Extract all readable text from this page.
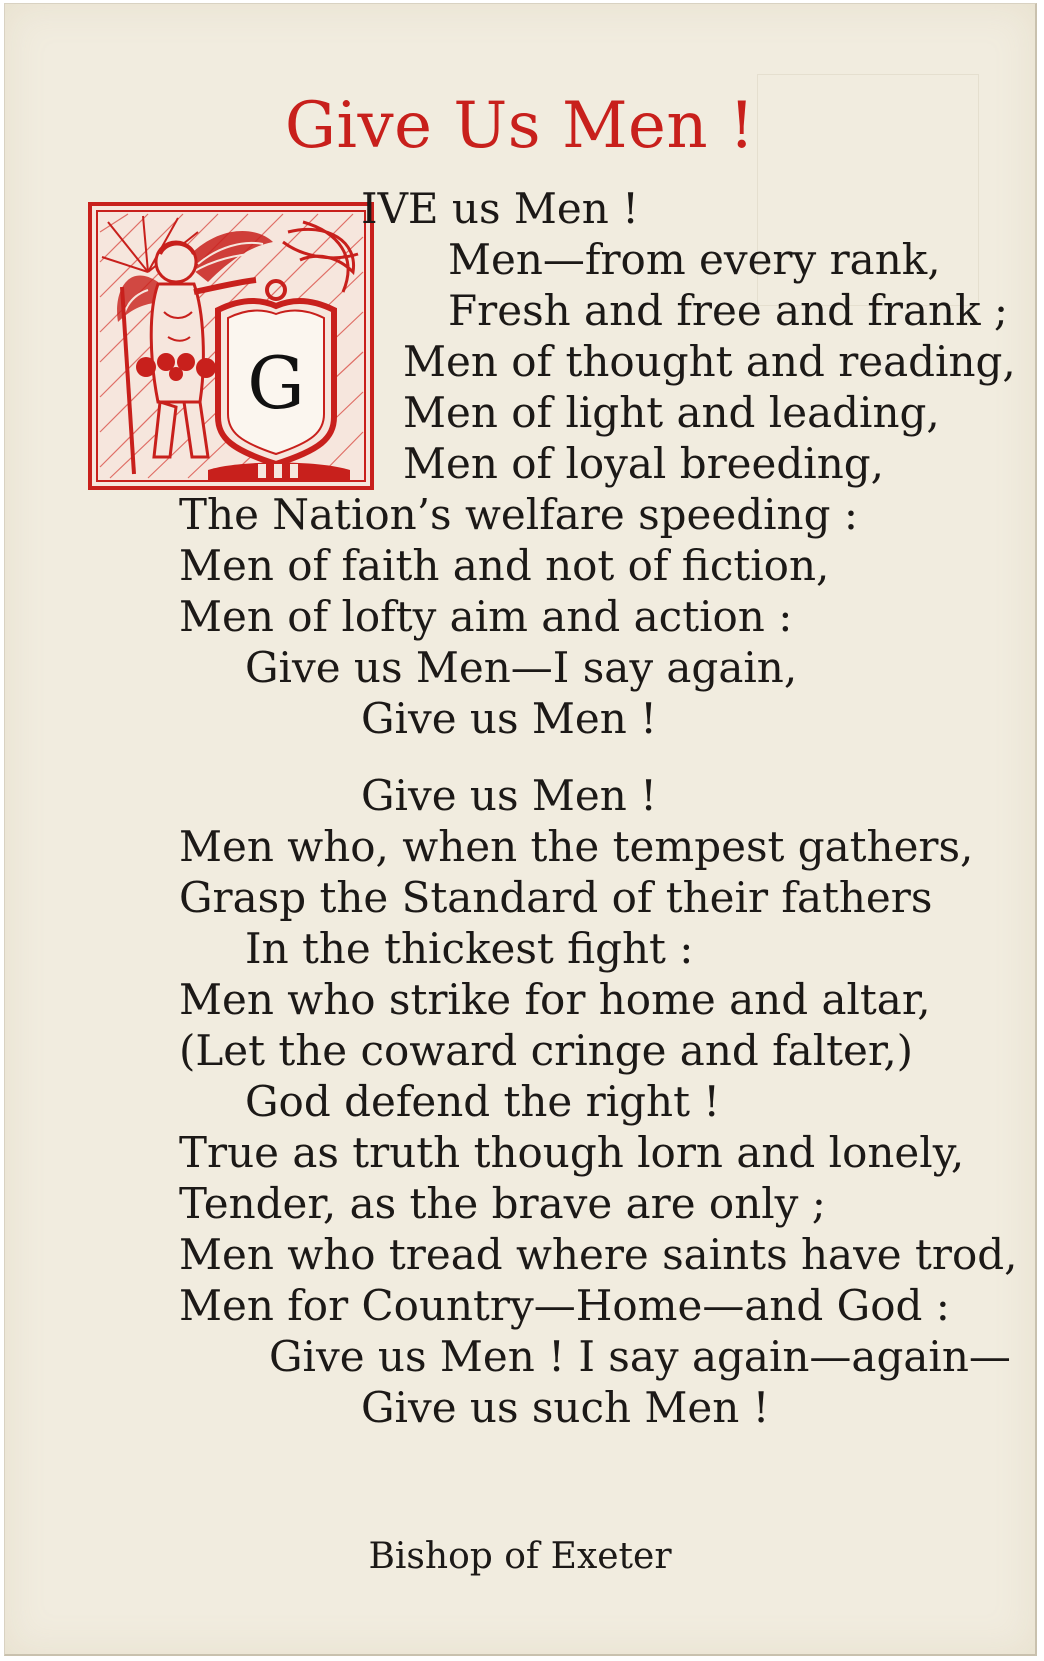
Give Us Men !
G
IVE us Men !
Men—from every rank,
Fresh and free and frank ;
Men of thought and reading,
Men of light and leading,
Men of loyal breeding,
The Nation’s welfare speeding :
Men of faith and not of fiction,
Men of lofty aim and action :
Give us Men—I say again,
Give us Men !
Give us Men !
Men who, when the tempest gathers,
Grasp the Standard of their fathers
In the thickest fight :
Men who strike for home and altar,
(Let the coward cringe and falter,)
God defend the right !
True as truth though lorn and lonely,
Tender, as the brave are only ;
Men who tread where saints have trod,
Men for Country—Home—and God :
Give us Men ! I say again—again—
Give us such Men !
Bishop of Exeter
